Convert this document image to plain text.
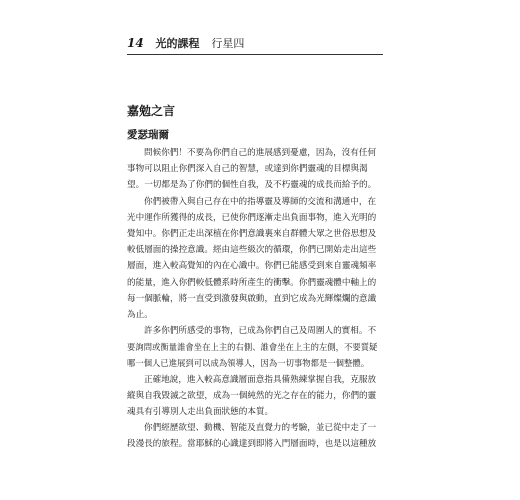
14 光的課程 行星四
嘉勉之言
愛瑟瑞爾
問候你們！不要為你們自己的進展感到憂慮，因為，沒有任何
事物可以阻止你們深入自己的智慧，或達到你們靈魂的目標與渴
望。一切都是為了你們的個性自我，及不朽靈魂的成長而給予的。
你們被帶入與自己存在中的指導靈及導師的交流和溝通中，在
光中運作所獲得的成長，已使你們逐漸走出負面事物，進入光明的
覺知中。你們正走出深植在你們意識裏來自群體大眾之世俗思想及
較低層面的操控意識。經由這些級次的循環，你們已開始走出這些
層面，進入較高覺知的內在心識中。你們已能感受到來自靈魂頻率
的能量，進入你們較低體系時所產生的衝擊。你們靈魂體中軸上的
每一個脈輪，將一直受到激發與啟動，直到它成為光輝燦爛的意識
為止。
許多你們所感受的事物，已成為你們自己及周圍人的實相。不
要詢問或衡量誰會坐在上主的右側、誰會坐在上主的左側，不要質疑
哪一個人已進展到可以成為領導人，因為一切事物都是一個整體。
正確地說，進入較高意識層面意指具備熟練掌握自我，克服放
縱與自我毀滅之欲望，成為一個純然的光之存在的能力，你們的靈
魂具有引導別人走出負面狀態的本質。
你們經歷欲望、動機、智能及直覺力的考驗，並已從中走了一
段漫長的旅程。當耶穌的心識達到即將入門層面時，也是以這種放
